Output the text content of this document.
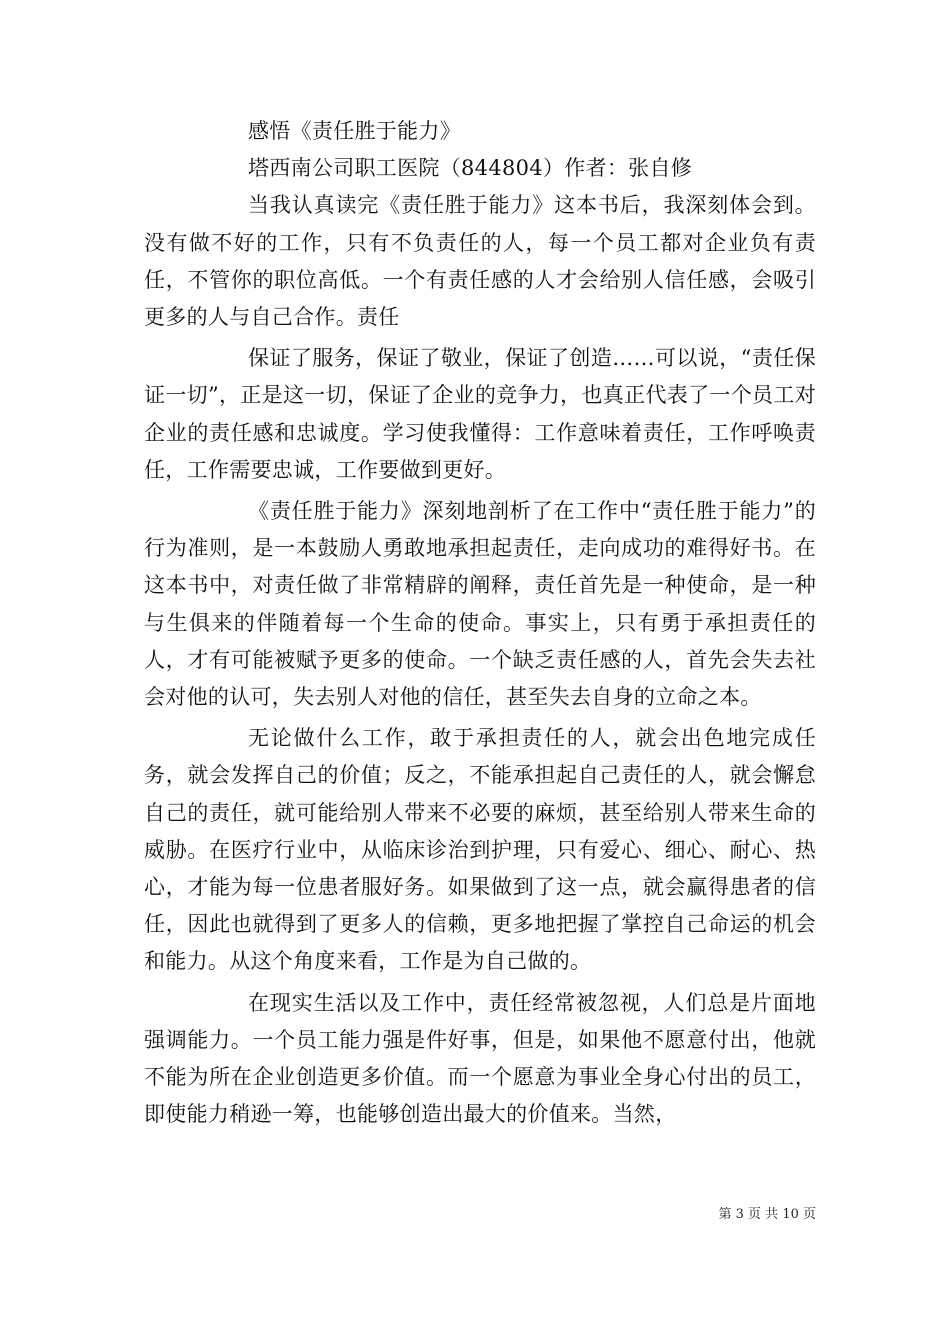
感悟《责任胜于能力》

塔西南公司职工医院（844804）作者：张自修

当我认真读完《责任胜于能力》这本书后，我深刻体会到。没有做不好的工作，只有不负责任的人，每一个员工都对企业负有责任，不管你的职位高低。一个有责任感的人才会给别人信任感，会吸引更多的人与自己合作。责任

保证了服务，保证了敬业，保证了创造……可以说，“责任保证一切”，正是这一切，保证了企业的竞争力，也真正代表了一个员工对企业的责任感和忠诚度。学习使我懂得：工作意味着责任，工作呼唤责任，工作需要忠诚，工作要做到更好。

《责任胜于能力》深刻地剖析了在工作中“责任胜于能力”的行为准则，是一本鼓励人勇敢地承担起责任，走向成功的难得好书。在这本书中，对责任做了非常精辟的阐释，责任首先是一种使命，是一种与生俱来的伴随着每一个生命的使命。事实上，只有勇于承担责任的人，才有可能被赋予更多的使命。一个缺乏责任感的人，首先会失去社会对他的认可，失去别人对他的信任，甚至失去自身的立命之本。

无论做什么工作，敢于承担责任的人，就会出色地完成任务，就会发挥自己的价值；反之，不能承担起自己责任的人，就会懈怠自己的责任，就可能给别人带来不必要的麻烦，甚至给别人带来生命的威胁。在医疗行业中，从临床诊治到护理，只有爱心、细心、耐心、热心，才能为每一位患者服好务。如果做到了这一点，就会赢得患者的信任，因此也就得到了更多人的信赖，更多地把握了掌控自己命运的机会和能力。从这个角度来看，工作是为自己做的。

在现实生活以及工作中，责任经常被忽视，人们总是片面地强调能力。一个员工能力强是件好事，但是，如果他不愿意付出，他就不能为所在企业创造更多价值。而一个愿意为事业全身心付出的员工，即使能力稍逊一筹，也能够创造出最大的价值来。当然，

第 3 页 共 10 页
